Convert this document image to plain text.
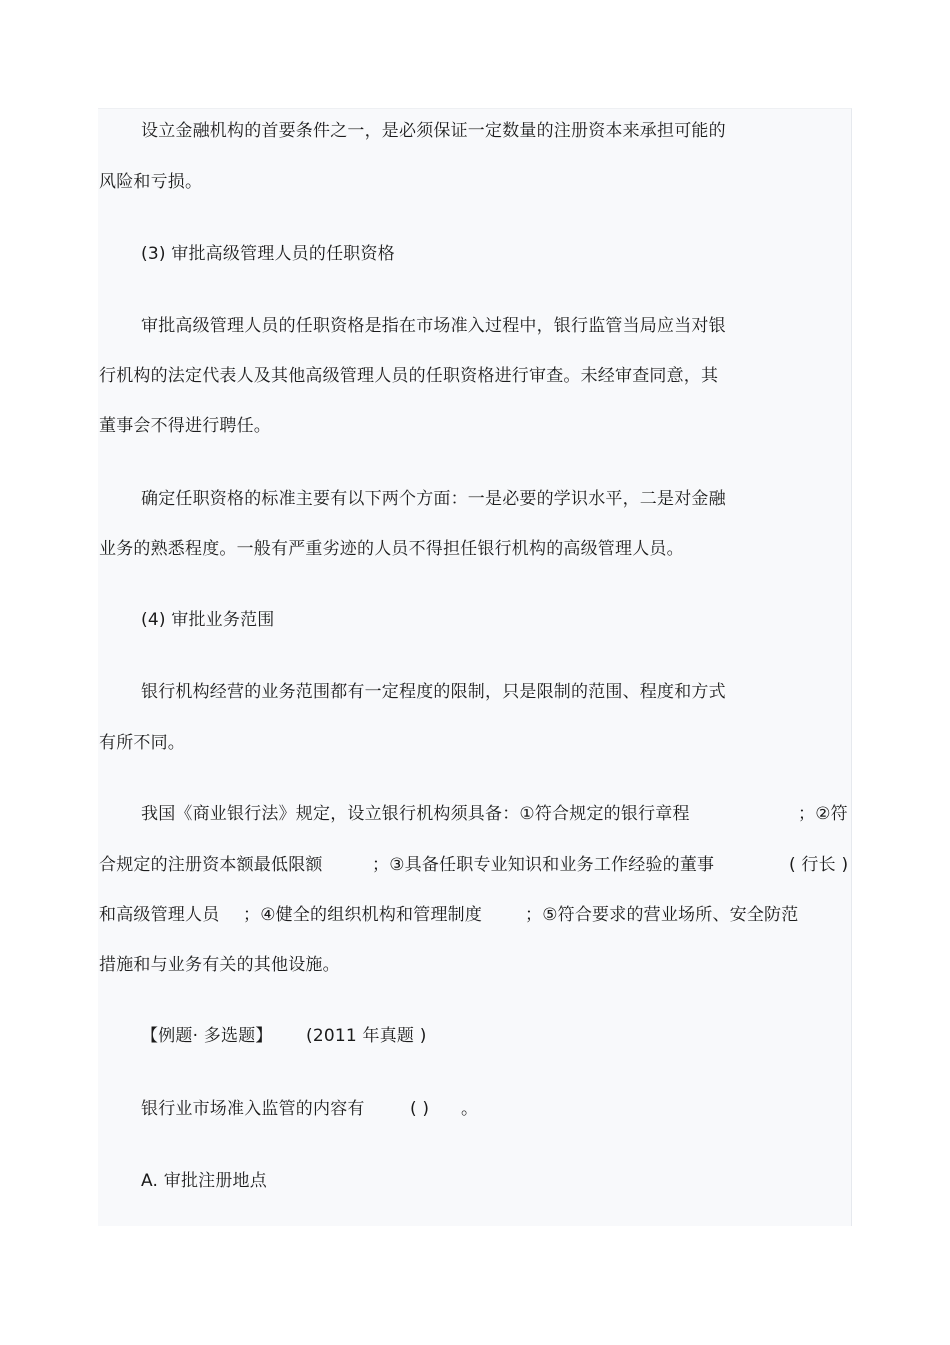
设立金融机构的首要条件之一，是必须保证一定数量的注册资本来承担可能的
风险和亏损。
(3) 审批高级管理人员的任职资格
审批高级管理人员的任职资格是指在市场准入过程中，银行监管当局应当对银
行机构的法定代表人及其他高级管理人员的任职资格进行审查。未经审查同意，其
董事会不得进行聘任。
确定任职资格的标准主要有以下两个方面：一是必要的学识水平，二是对金融
业务的熟悉程度。一般有严重劣迹的人员不得担任银行机构的高级管理人员。
(4) 审批业务范围
银行机构经营的业务范围都有一定程度的限制，只是限制的范围、程度和方式
有所不同。
我国《商业银行法》规定，设立银行机构须具备：①符合规定的银行章程	；②符
合规定的注册资本额最低限额	；③具备任职专业知识和业务工作经验的董事	( 行长 )
和高级管理人员 ；④健全的组织机构和管理制度	；⑤符合要求的营业场所、安全防范
措施和与业务有关的其他设施。
【例题· 多选题】 (2011 年真题 )
银行业市场准入监管的内容有	( ) 。
A. 审批注册地点
